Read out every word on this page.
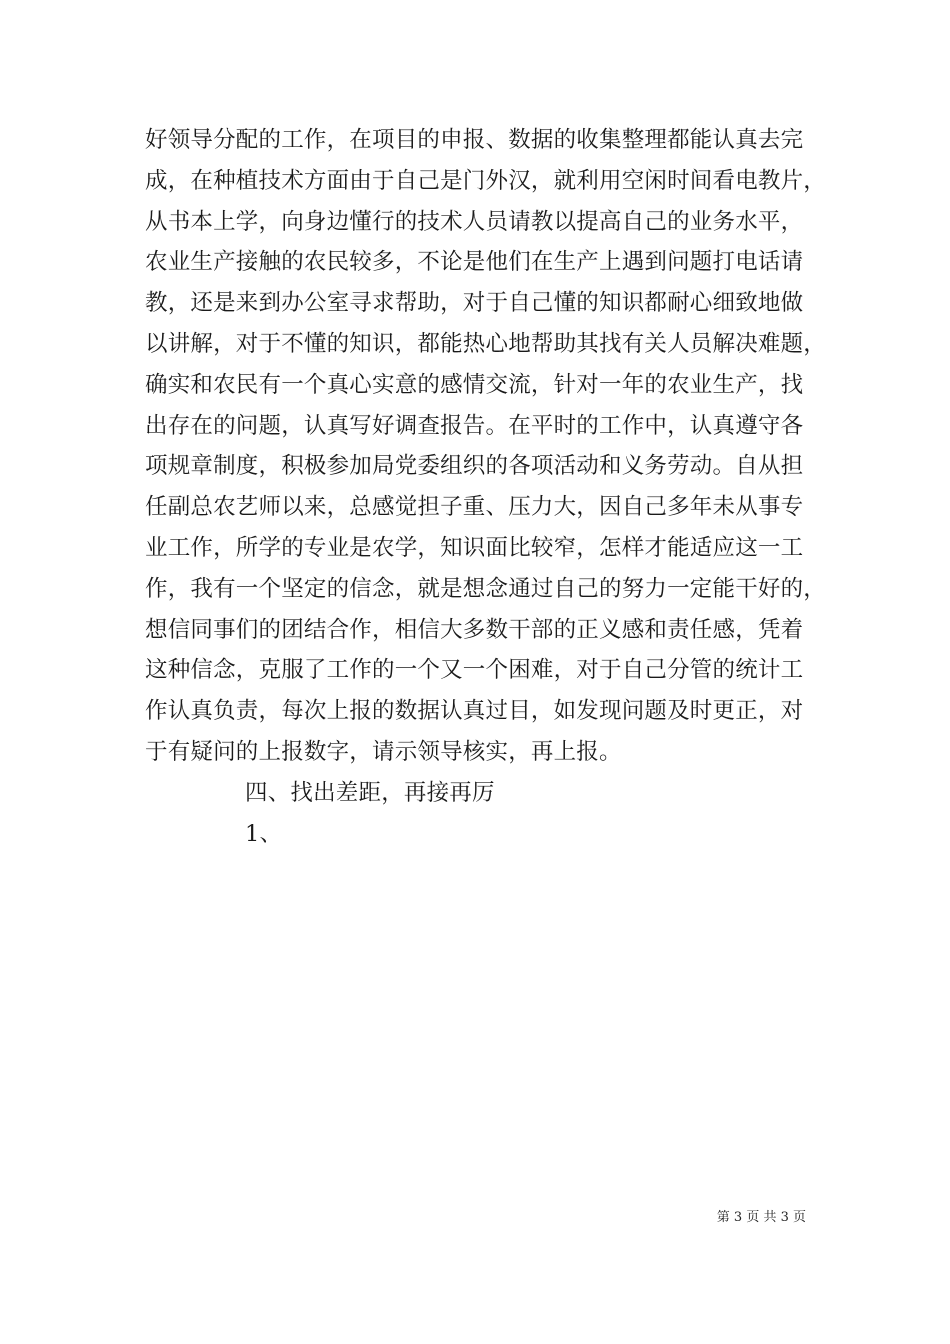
好领导分配的工作，在项目的申报、数据的收集整理都能认真去完
成，在种植技术方面由于自己是门外汉，就利用空闲时间看电教片，
从书本上学，向身边懂行的技术人员请教以提高自己的业务水平，
农业生产接触的农民较多，不论是他们在生产上遇到问题打电话请
教，还是来到办公室寻求帮助，对于自己懂的知识都耐心细致地做
以讲解，对于不懂的知识，都能热心地帮助其找有关人员解决难题，
确实和农民有一个真心实意的感情交流，针对一年的农业生产，找
出存在的问题，认真写好调查报告。在平时的工作中，认真遵守各
项规章制度，积极参加局党委组织的各项活动和义务劳动。自从担
任副总农艺师以来，总感觉担子重、压力大，因自己多年未从事专
业工作，所学的专业是农学，知识面比较窄，怎样才能适应这一工
作，我有一个坚定的信念，就是想念通过自己的努力一定能干好的，
想信同事们的团结合作，相信大多数干部的正义感和责任感，凭着
这种信念，克服了工作的一个又一个困难，对于自己分管的统计工
作认真负责，每次上报的数据认真过目，如发现问题及时更正，对
于有疑问的上报数字，请示领导核实，再上报。
四、找出差距，再接再厉
1、
第 3 页 共 3 页
